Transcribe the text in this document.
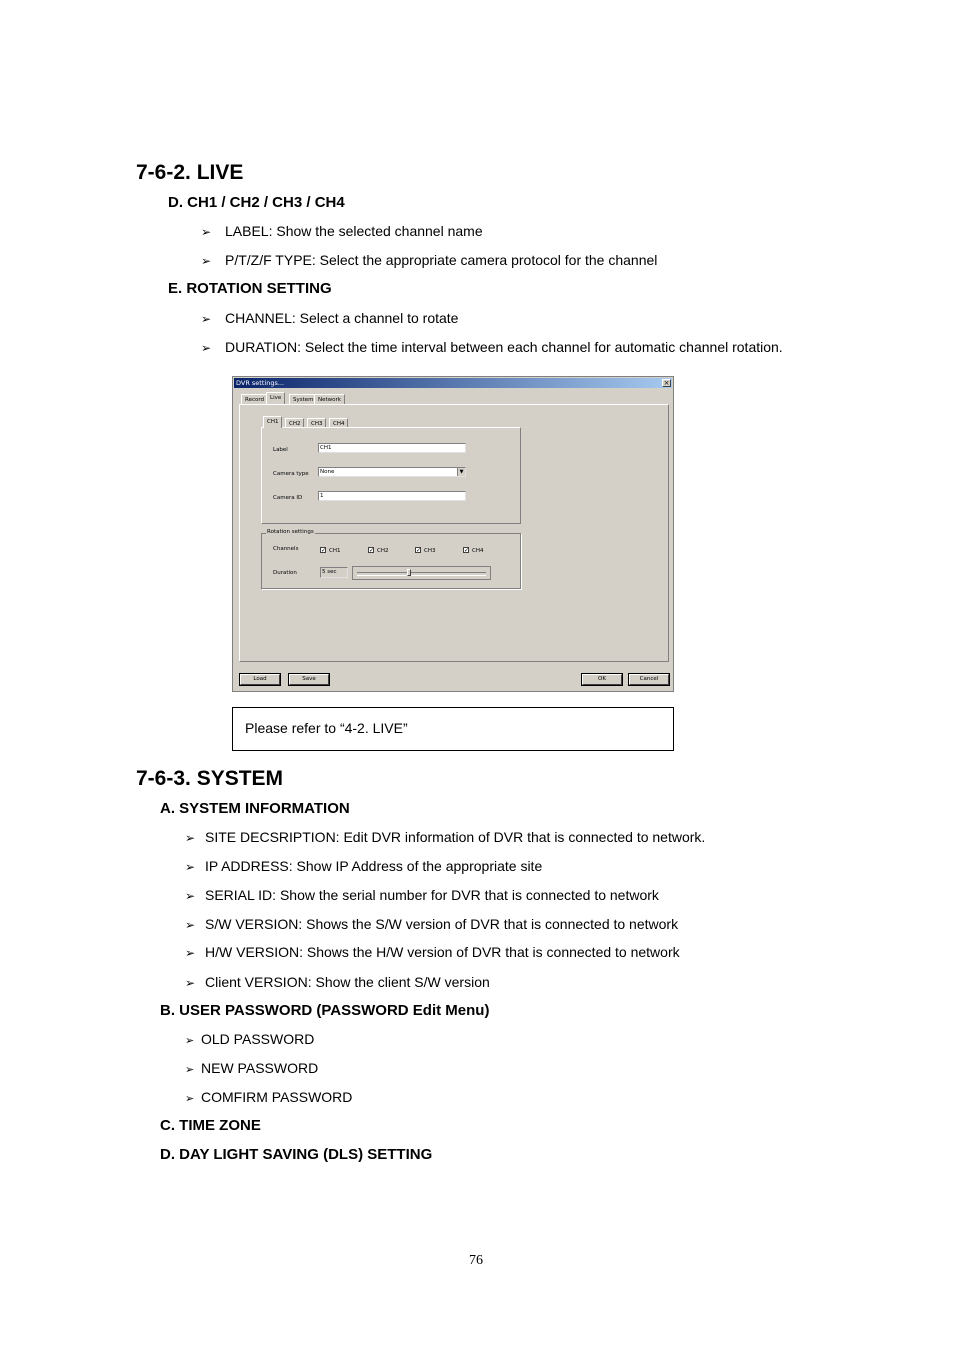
7-6-2. LIVE
D. CH1 / CH2 / CH3 / CH4
➢ LABEL: Show the selected channel name
➢ P/T/Z/F TYPE: Select the appropriate camera protocol for the channel
E. ROTATION SETTING
➢ CHANNEL: Select a channel to rotate
➢ DURATION: Select the time interval between each channel for automatic channel rotation.
DVR settings...	×
Record	Live	System Network
CH1	CH2	CH3	CH4
Label	CH1
Camera type	None	▼
Camera ID	1
Rotation settings
Channels	✓ CH1	✓ CH2	✓ CH3	✓ CH4
Duration	5 sec
Load	Save	OK	Cancel
Please refer to “4-2. LIVE”
7-6-3. SYSTEM
A. SYSTEM INFORMATION
➢ SITE DECSRIPTION: Edit DVR information of DVR that is connected to network.
➢ IP ADDRESS: Show IP Address of the appropriate site
➢ SERIAL ID: Show the serial number for DVR that is connected to network
➢ S/W VERSION: Shows the S/W version of DVR that is connected to network
➢ H/W VERSION: Shows the H/W version of DVR that is connected to network
➢ Client VERSION: Show the client S/W version
B. USER PASSWORD (PASSWORD Edit Menu)
➢ OLD PASSWORD
➢ NEW PASSWORD
➢ COMFIRM PASSWORD
C. TIME ZONE
D. DAY LIGHT SAVING (DLS) SETTING
76
